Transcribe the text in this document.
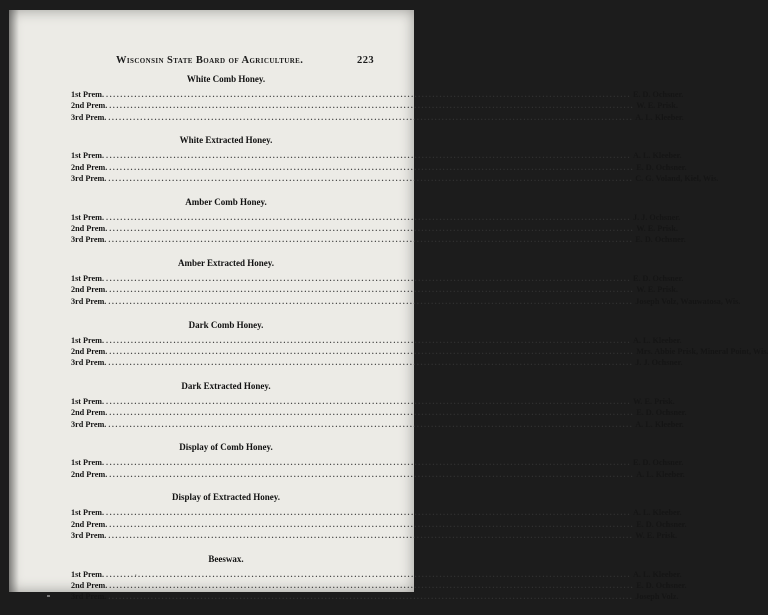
Wisconsin State Board of Agriculture.	223
White Comb Honey.
1st Prem. .....	E. D. Ochsner.
2nd Prem. .....	W. E. Prisk.
3rd Prem. .....	A. L. Kleeber.
White Extracted Honey.
1st Prem. .....	A. L. Kleeber.
2nd Prem. .....	E. D. Ochsner.
3rd Prem. .....	C. G. Voland, Kiel, Wis.
Amber Comb Honey.
1st Prem. .....	J. J. Ochsner.
2nd Prem. .....	W. E. Prisk.
3rd Prem. .....	E. D. Ochsner.
Amber Extracted Honey.
1st Prem. .....	E. D. Ochsner.
2nd Prem. .....	W. E. Prisk.
3rd Prem. .....	Joseph Volz, Wauwatosa, Wis.
Dark Comb Honey.
1st Prem. .....	A. L. Kleeber.
2nd Prem. .....	Mrs. Abbie Prisk, Mineral Point, Wis.
3rd Prem. .....	J. J. Ochsner.
Dark Extracted Honey.
1st Prem. .....	W. E. Prisk.
2nd Prem. .....	E. D. Ochsner.
3rd Prem. .....	A. L. Kleeber.
Display of Comb Honey.
1st Prem. .....	E. D. Ochsner.
2nd Prem. .....	A. L. Kleeber.
Display of Extracted Honey.
1st Prem. .....	A. L. Kleeber.
2nd Prem. .....	E. D. Ochsner.
3rd Prem. .....	W. E. Prisk.
Beeswax.
1st Prem. .....	A. L. Kleeber.
2nd Prem. .....	E. D. Ochsner.
3rd Prem. .....	Joseph Volz.
'
